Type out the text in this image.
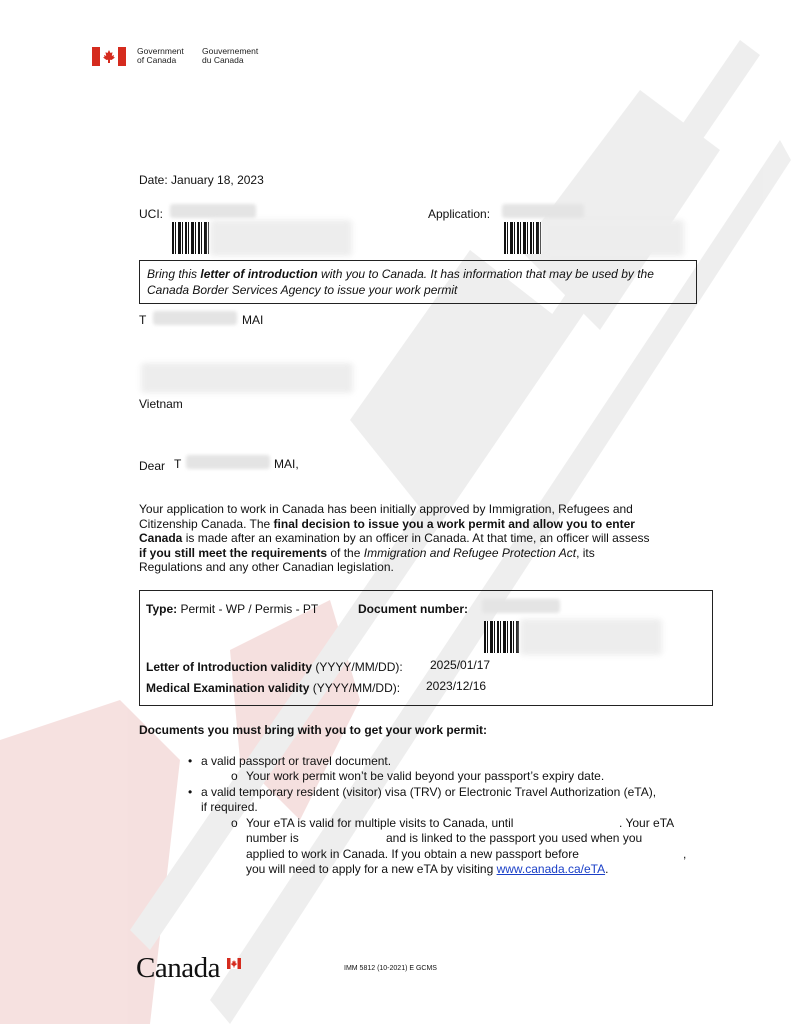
Government
of Canada
Gouvernement
du Canada
Date: January 18, 2023
UCI:	Application:
Bring this letter of introduction with you to Canada. It has information that may be used by the
Canada Border Services Agency to issue your work permit
T	MAI
Vietnam
Dear T	MAI,
Your application to work in Canada has been initially approved by Immigration, Refugees and
Citizenship Canada. The final decision to issue you a work permit and allow you to enter
Canada is made after an examination by an officer in Canada. At that time, an officer will assess
if you still meet the requirements of the Immigration and Refugee Protection Act, its
Regulations and any other Canadian legislation.
Type: Permit - WP / Permis - PT	Document number:
Letter of Introduction validity (YYYY/MM/DD): 2025/01/17
Medical Examination validity (YYYY/MM/DD): 2023/12/16
Documents you must bring with you to get your work permit:
• a valid passport or travel document.
o Your work permit won’t be valid beyond your passport’s expiry date.
• a valid temporary resident (visitor) visa (TRV) or Electronic Travel Authorization (eTA),
if required.
o Your eTA is valid for multiple visits to Canada, until	. Your eTA
number is	and is linked to the passport you used when you
applied to work in Canada. If you obtain a new passport before	,
you will need to apply for a new eTA by visiting www.canada.ca/eTA.
Canada	IMM 5812 (10-2021) E GCMS
